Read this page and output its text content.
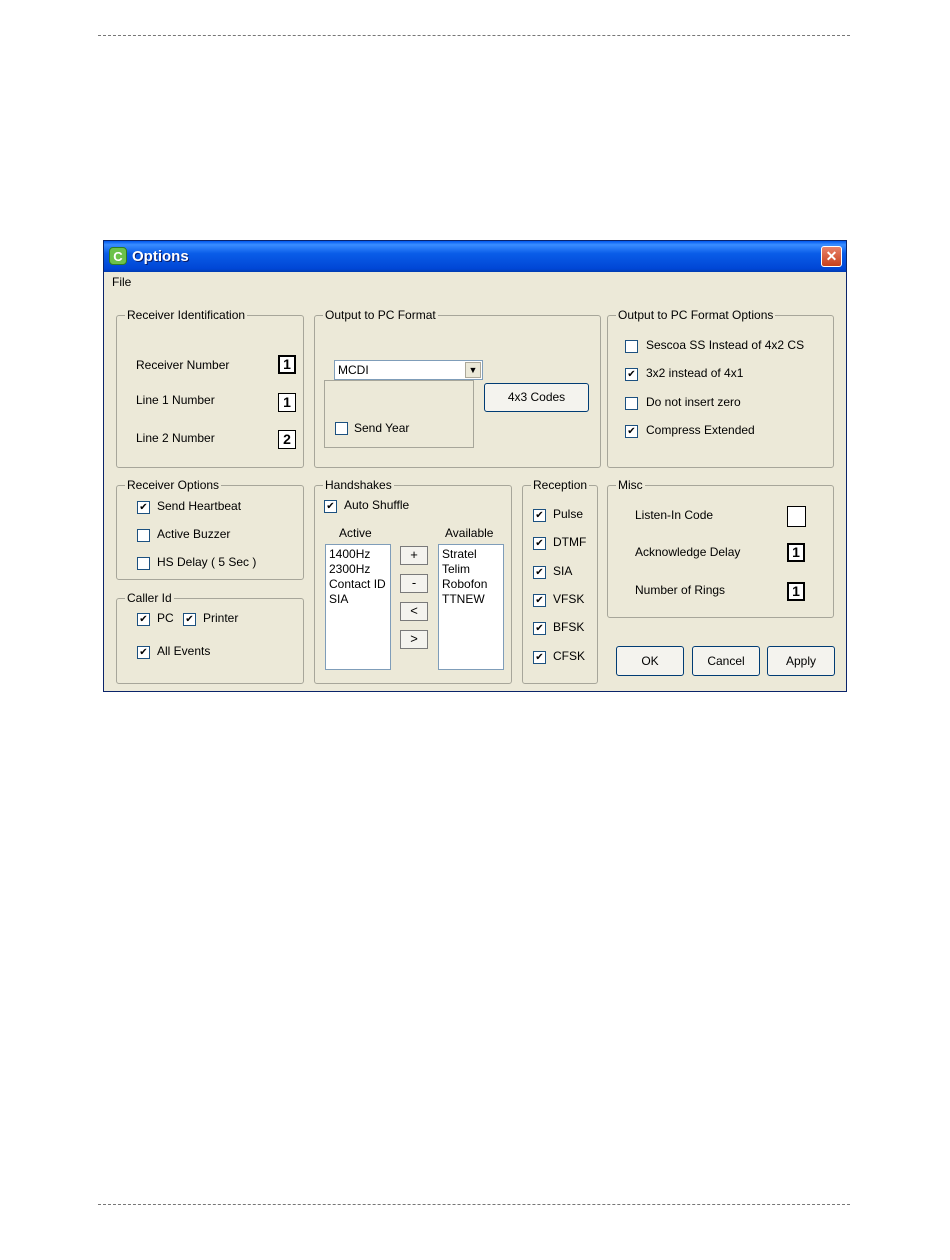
C Options	✕
File
Receiver Identification
Receiver Number	1
Line 1 Number	1
Line 2 Number	2
Output to PC Format
MCDI	▼
Send Year
4x3 Codes
Output to PC Format Options
Sescoa SS Instead of 4x2 CS
✔
3x2 instead of 4x1
Do not insert zero
✔
Compress Extended
Receiver Options
✔
Send Heartbeat
Active Buzzer
HS Delay ( 5 Sec )
Caller Id
✔
PC ✔ Printer
✔
All Events
Handshakes
✔
Auto Shuffle
Active	Available
1400Hz
2300Hz
Contact ID
SIA
+
-
<
>
Stratel
Telim
Robofon
TTNEW
Reception
✔
Pulse
✔
DTMF
✔
SIA
✔
VFSK
✔
BFSK
✔
CFSK
Misc
Listen-In Code
Acknowledge Delay	1
Number of Rings	1
OK	Cancel	Apply
